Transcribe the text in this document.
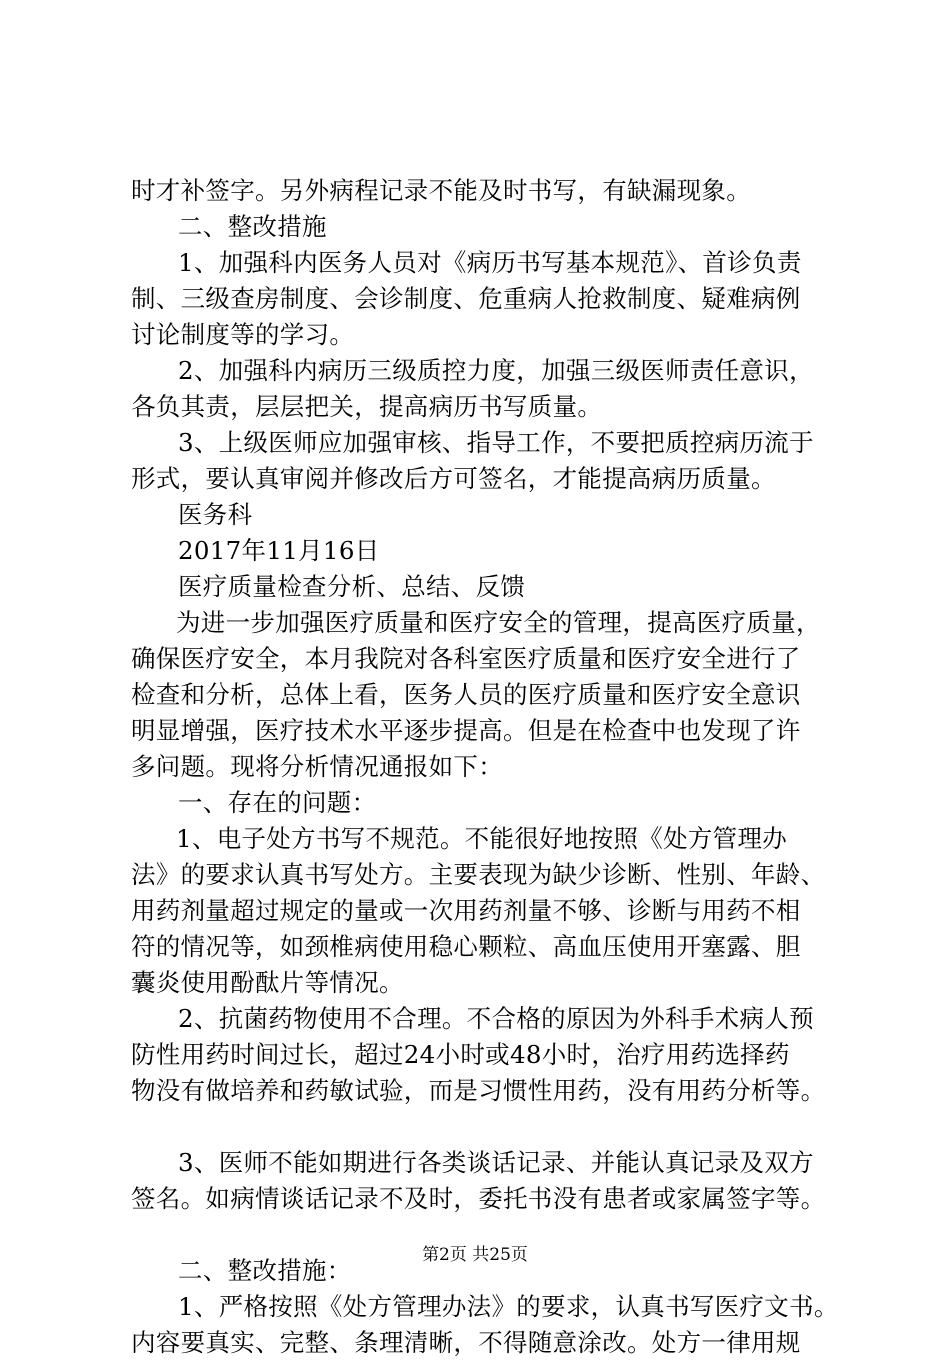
时才补签字。另外病程记录不能及时书写，有缺漏现象。
二、整改措施
1、加强科内医务人员对《病历书写基本规范》、首诊负责
制、三级查房制度、会诊制度、危重病人抢救制度、疑难病例
讨论制度等的学习。
2、加强科内病历三级质控力度，加强三级医师责任意识，
各负其责，层层把关，提高病历书写质量。
3、上级医师应加强审核、指导工作，不要把质控病历流于
形式，要认真审阅并修改后方可签名，才能提高病历质量。
医务科
2017年11月16日
医疗质量检查分析、总结、反馈
为进一步加强医疗质量和医疗安全的管理，提高医疗质量，
确保医疗安全，本月我院对各科室医疗质量和医疗安全进行了
检查和分析，总体上看，医务人员的医疗质量和医疗安全意识
明显增强，医疗技术水平逐步提高。但是在检查中也发现了许
多问题。现将分析情况通报如下：
一、存在的问题：
1、电子处方书写不规范。不能很好地按照《处方管理办
法》的要求认真书写处方。主要表现为缺少诊断、性别、年龄、
用药剂量超过规定的量或一次用药剂量不够、诊断与用药不相
符的情况等，如颈椎病使用稳心颗粒、高血压使用开塞露、胆
囊炎使用酚酞片等情况。
2、抗菌药物使用不合理。不合格的原因为外科手术病人预
防性用药时间过长，超过24小时或48小时，治疗用药选择药
物没有做培养和药敏试验，而是习惯性用药，没有用药分析等。
3、医师不能如期进行各类谈话记录、并能认真记录及双方
签名。如病情谈话记录不及时，委托书没有患者或家属签字等。
二、整改措施：
1、严格按照《处方管理办法》的要求，认真书写医疗文书。
内容要真实、完整、条理清晰，不得随意涂改。处方一律用规
第2页 共25页
